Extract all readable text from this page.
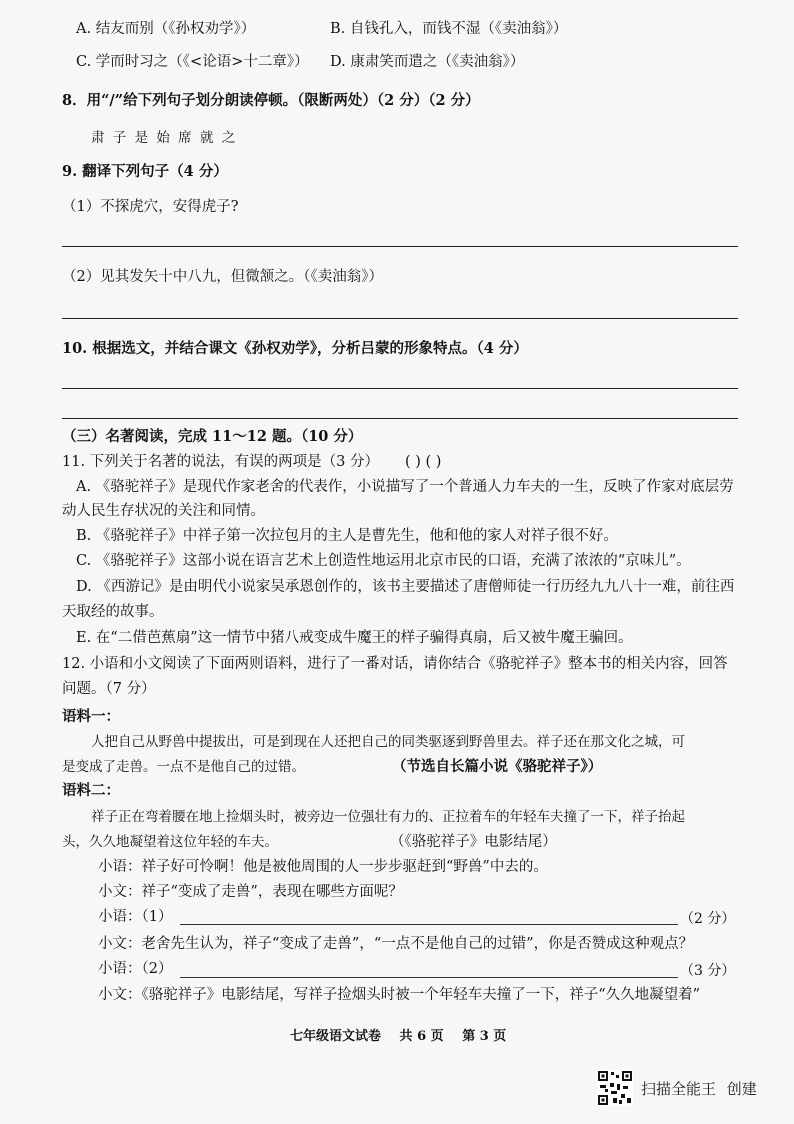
A. 结友而别（《孙权劝学》）	B. 自钱孔入，而钱不湿（《卖油翁》）
C. 学而时习之（《<论语>十二章》） D. 康肃笑而遣之（《卖油翁》）
8．用“/”给下列句子划分朗读停顿。（限断两处）（2 分）（2 分）
肃 子 是 始 席 就 之
9. 翻译下列句子（4 分）
（1）不探虎穴，安得虎子?
（2）见其发矢十中八九，但微颔之。（《卖油翁》）
10. 根据选文，并结合课文《孙权劝学》，分析吕蒙的形象特点。（4 分）
（三）名著阅读，完成 11～12 题。（10 分）
11. 下列关于名著的说法，有误的两项是（3 分） ( ) ( )
A. 《骆驼祥子》是现代作家老舍的代表作，小说描写了一个普通人力车夫的一生，反映了作家对底层劳
动人民生存状况的关注和同情。
B. 《骆驼祥子》中祥子第一次拉包月的主人是曹先生，他和他的家人对祥子很不好。
C. 《骆驼祥子》这部小说在语言艺术上创造性地运用北京市民的口语，充满了浓浓的“京味儿”。
D. 《西游记》是由明代小说家吴承恩创作的，该书主要描述了唐僧师徒一行历经九九八十一难，前往西
天取经的故事。
E. 在“二借芭蕉扇”这一情节中猪八戒变成牛魔王的样子骗得真扇，后又被牛魔王骗回。
12. 小语和小文阅读了下面两则语料，进行了一番对话，请你结合《骆驼祥子》整本书的相关内容，回答
问题。（7 分）
语料一：
人把自己从野兽中提拔出，可是到现在人还把自己的同类驱逐到野兽里去。祥子还在那文化之城，可
是变成了走兽。一点不是他自己的过错。	（节选自长篇小说《骆驼祥子》）
语料二：
祥子正在弯着腰在地上捡烟头时，被旁边一位强壮有力的、正拉着车的年轻车夫撞了一下，祥子抬起
头，久久地凝望着这位年轻的车夫。	（《骆驼祥子》电影结尾）
小语：祥子好可怜啊！他是被他周围的人一步步驱赶到“野兽”中去的。
小文：祥子“变成了走兽”，表现在哪些方面呢？
小语：（1）	（2 分）
小文：老舍先生认为，祥子“变成了走兽”，“一点不是他自己的过错”，你是否赞成这种观点？
小语：（2）	（3 分）
小文：《骆驼祥子》电影结尾，写祥子捡烟头时被一个年轻车夫撞了一下，祥子“久久地凝望着”
七年级语文试卷 共 6 页 第 3 页
扫描全能王 创建
